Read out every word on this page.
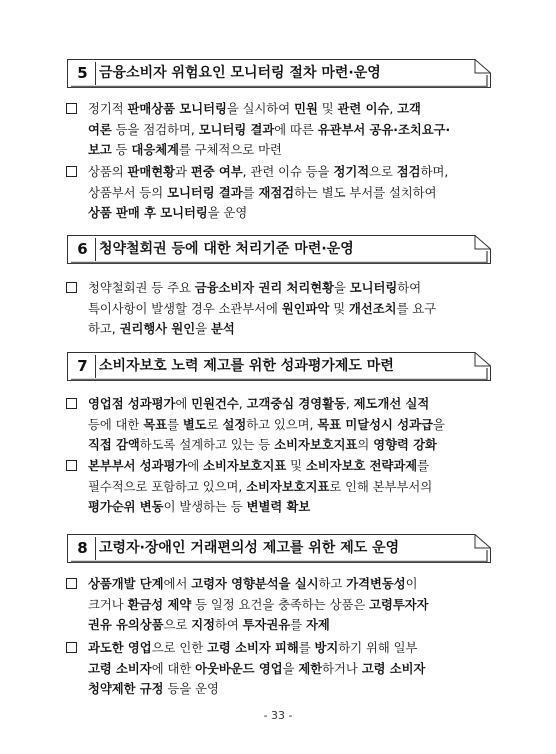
5 금융소비자 위험요인 모니터링 절차 마련·운영
정기적 판매상품 모니터링을 실시하여 민원 및 관련 이슈, 고객
여론 등을 점검하며, 모니터링 결과에 따른 유관부서 공유·조치요구·
보고 등 대응체계를 구체적으로 마련
상품의 판매현황과 편중 여부, 관련 이슈 등을 정기적으로 점검하며,
상품부서 등의 모니터링 결과를 재점검하는 별도 부서를 설치하여
상품 판매 후 모니터링을 운영
6 청약철회권 등에 대한 처리기준 마련·운영
청약철회권 등 주요 금융소비자 권리 처리현황을 모니터링하여
특이사항이 발생할 경우 소관부서에 원인파악 및 개선조치를 요구
하고, 권리행사 원인을 분석
7 소비자보호 노력 제고를 위한 성과평가제도 마련
영업점 성과평가에 민원건수, 고객중심 경영활동, 제도개선 실적
등에 대한 목표를 별도로 설정하고 있으며, 목표 미달성시 성과급을
직접 감액하도록 설계하고 있는 등 소비자보호지표의 영향력 강화
본부부서 성과평가에 소비자보호지표 및 소비자보호 전략과제를
필수적으로 포함하고 있으며, 소비자보호지표로 인해 본부부서의
평가순위 변동이 발생하는 등 변별력 확보
8 고령자·장애인 거래편의성 제고를 위한 제도 운영
상품개발 단계에서 고령자 영향분석을 실시하고 가격변동성이
크거나 환금성 제약 등 일정 요건을 충족하는 상품은 고령투자자
권유 유의상품으로 지정하여 투자권유를 자제
과도한 영업으로 인한 고령 소비자 피해를 방지하기 위해 일부
고령 소비자에 대한 아웃바운드 영업을 제한하거나 고령 소비자
청약제한 규정 등을 운영
- 33 -
